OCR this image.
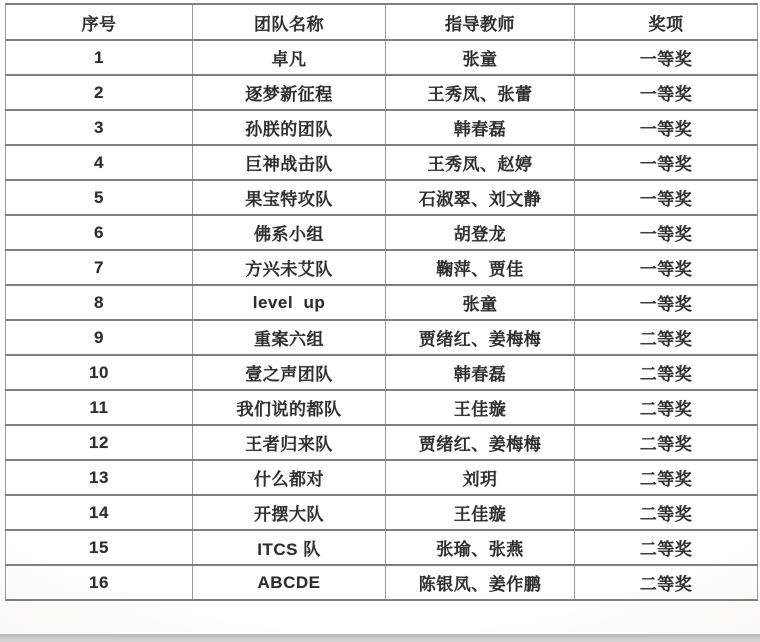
序号	团队名称	指导教师	奖项
1	卓凡	张童	一等奖
2	逐梦新征程	王秀凤、张蕾	一等奖
3	孙朕的团队	韩春磊	一等奖
4	巨神战击队	王秀凤、赵婷	一等奖
5	果宝特攻队	石淑翠、刘文静	一等奖
6	佛系小组	胡登龙	一等奖
7	方兴未艾队	鞠萍、贾佳	一等奖
8	level  up	张童	一等奖
9	重案六组	贾绪红、姜梅梅	二等奖
10	壹之声团队	韩春磊	二等奖
11	我们说的都队	王佳璇	二等奖
12	王者归来队	贾绪红、姜梅梅	二等奖
13	什么都对	刘玥	二等奖
14	开摆大队	王佳璇	二等奖
15	ITCS 队	张瑜、张燕	二等奖
16	ABCDE	陈银凤、姜作鹏	二等奖
